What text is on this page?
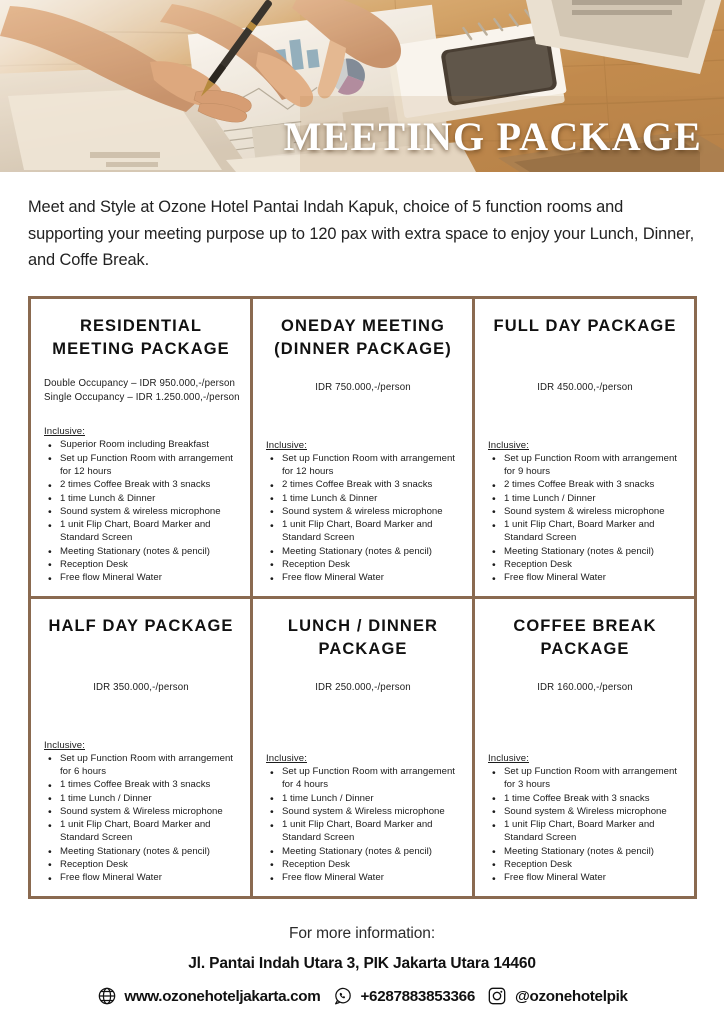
MEETING PACKAGE

Meet and Style at Ozone Hotel Pantai Indah Kapuk, choice of 5 function rooms and supporting your meeting purpose up to 120 pax with extra space to enjoy your Lunch, Dinner, and Coffe Break.

RESIDENTIAL MEETING PACKAGE
Double Occupancy – IDR 950.000,-/person
Single Occupancy – IDR 1.250.000,-/person
Inclusive:
• Superior Room including Breakfast
• Set up Function Room with arrangement for 12 hours
• 2 times Coffee Break with 3 snacks
• 1 time Lunch & Dinner
• Sound system & wireless microphone
• 1 unit Flip Chart, Board Marker and Standard Screen
• Meeting Stationary (notes & pencil)
• Reception Desk
• Free flow Mineral Water
ONEDAY MEETING (DINNER PACKAGE)
IDR 750.000,-/person
Inclusive:
• Set up Function Room with arrangement for 12 hours
• 2 times Coffee Break with 3 snacks
• 1 time Lunch & Dinner
• Sound system & wireless microphone
• 1 unit Flip Chart, Board Marker and Standard Screen
• Meeting Stationary (notes & pencil)
• Reception Desk
• Free flow Mineral Water
FULL DAY PACKAGE
IDR 450.000,-/person
Inclusive:
• Set up Function Room with arrangement for 9 hours
• 2 times Coffee Break with 3 snacks
• 1 time Lunch / Dinner
• Sound system & wireless microphone
• 1 unit Flip Chart, Board Marker and Standard Screen
• Meeting Stationary (notes & pencil)
• Reception Desk
• Free flow Mineral Water
HALF DAY PACKAGE
IDR 350.000,-/person
Inclusive:
• Set up Function Room with arrangement for 6 hours
• 1 times Coffee Break with 3 snacks
• 1 time Lunch / Dinner
• Sound system & Wireless microphone
• 1 unit Flip Chart, Board Marker and Standard Screen
• Meeting Stationary (notes & pencil)
• Reception Desk
• Free flow Mineral Water
LUNCH / DINNER PACKAGE
IDR 250.000,-/person
Inclusive:
• Set up Function Room with arrangement for 4 hours
• 1 time Lunch / Dinner
• Sound system & Wireless microphone
• 1 unit Flip Chart, Board Marker and Standard Screen
• Meeting Stationary (notes & pencil)
• Reception Desk
• Free flow Mineral Water
COFFEE BREAK PACKAGE
IDR 160.000,-/person
Inclusive:
• Set up Function Room with arrangement for 3 hours
• 1 time Coffee Break with 3 snacks
• Sound system & Wireless microphone
• 1 unit Flip Chart, Board Marker and Standard Screen
• Meeting Stationary (notes & pencil)
• Reception Desk
• Free flow Mineral Water
For more information:
Jl. Pantai Indah Utara 3, PIK Jakarta Utara 14460
www.ozonehoteljakarta.com	+6287883853366	@ozonehotelpik
